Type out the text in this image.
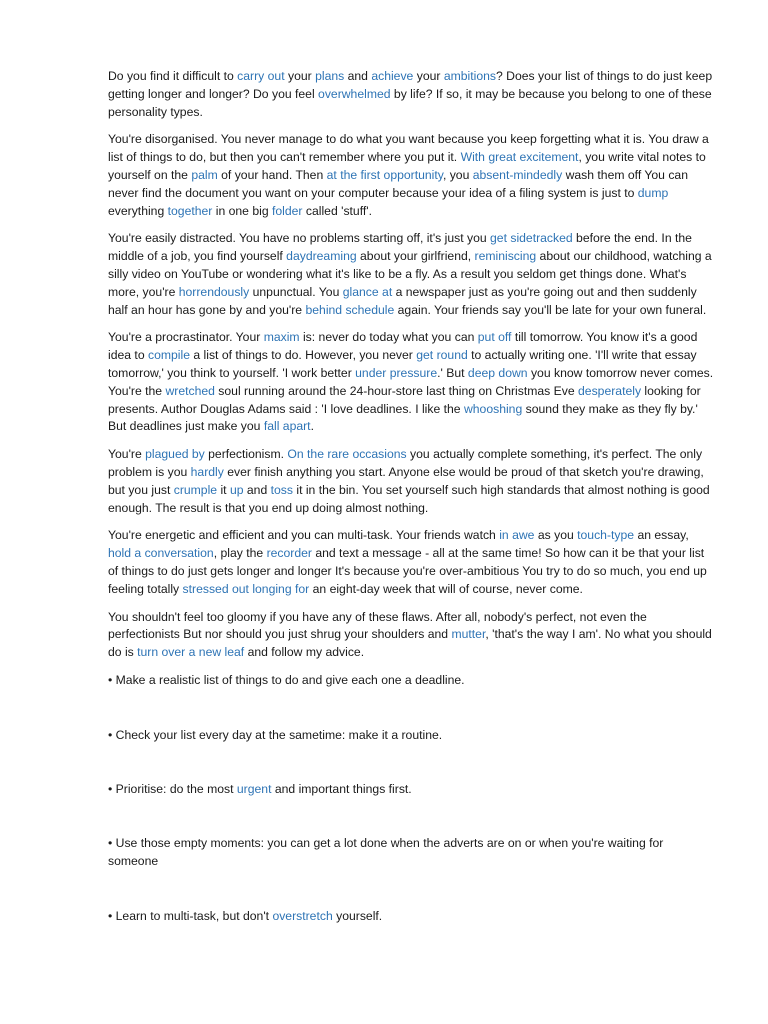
Do you find it difficult to carry out your plans and achieve your ambitions? Does your list of things to do just keep getting longer and longer? Do you feel overwhelmed by life? If so, it may be because you belong to one of these personality types.

You're disorganised. You never manage to do what you want because you keep forgetting what it is. You draw a list of things to do, but then you can't remember where you put it. With great excitement, you write vital notes to yourself on the palm of your hand. Then at the first opportunity, you absent-mindedly wash them off You can never find the document you want on your computer because your idea of a filing system is just to dump everything together in one big folder called 'stuff'.

You're easily distracted. You have no problems starting off, it's just you get sidetracked before the end. In the middle of a job, you find yourself daydreaming about your girlfriend, reminiscing about our childhood, watching a silly video on YouTube or wondering what it's like to be a fly. As a result you seldom get things done. What's more, you're horrendously unpunctual. You glance at a newspaper just as you're going out and then suddenly half an hour has gone by and you're behind schedule again. Your friends say you'll be late for your own funeral.

You're a procrastinator. Your maxim is: never do today what you can put off till tomorrow. You know it's a good idea to compile a list of things to do. However, you never get round to actually writing one. 'I'll write that essay tomorrow,' you think to yourself. 'I work better under pressure.' But deep down you know tomorrow never comes. You're the wretched soul running around the 24-hour-store last thing on Christmas Eve desperately looking for presents. Author Douglas Adams said : 'I love deadlines. I like the whooshing sound they make as they fly by.' But deadlines just make you fall apart.

You're plagued by perfectionism. On the rare occasions you actually complete something, it's perfect. The only problem is you hardly ever finish anything you start. Anyone else would be proud of that sketch you're drawing, but you just crumple it up and toss it in the bin. You set yourself such high standards that almost nothing is good enough. The result is that you end up doing almost nothing.

You're energetic and efficient and you can multi-task. Your friends watch in awe as you touch-type an essay, hold a conversation, play the recorder and text a message - all at the same time! So how can it be that your list of things to do just gets longer and longer It's because you're over-ambitious You try to do so much, you end up feeling totally stressed out longing for an eight-day week that will of course, never come.

You shouldn't feel too gloomy if you have any of these flaws. After all, nobody's perfect, not even the perfectionists But nor should you just shrug your shoulders and mutter, 'that's the way I am'. No what you should do is turn over a new leaf and follow my advice.

• Make a realistic list of things to do and give each one a deadline.

• Check your list every day at the sametime: make it a routine.

• Prioritise: do the most urgent and important things first.

• Use those empty moments: you can get a lot done when the adverts are on or when you're waiting for someone

• Learn to multi-task, but don't overstretch yourself.
